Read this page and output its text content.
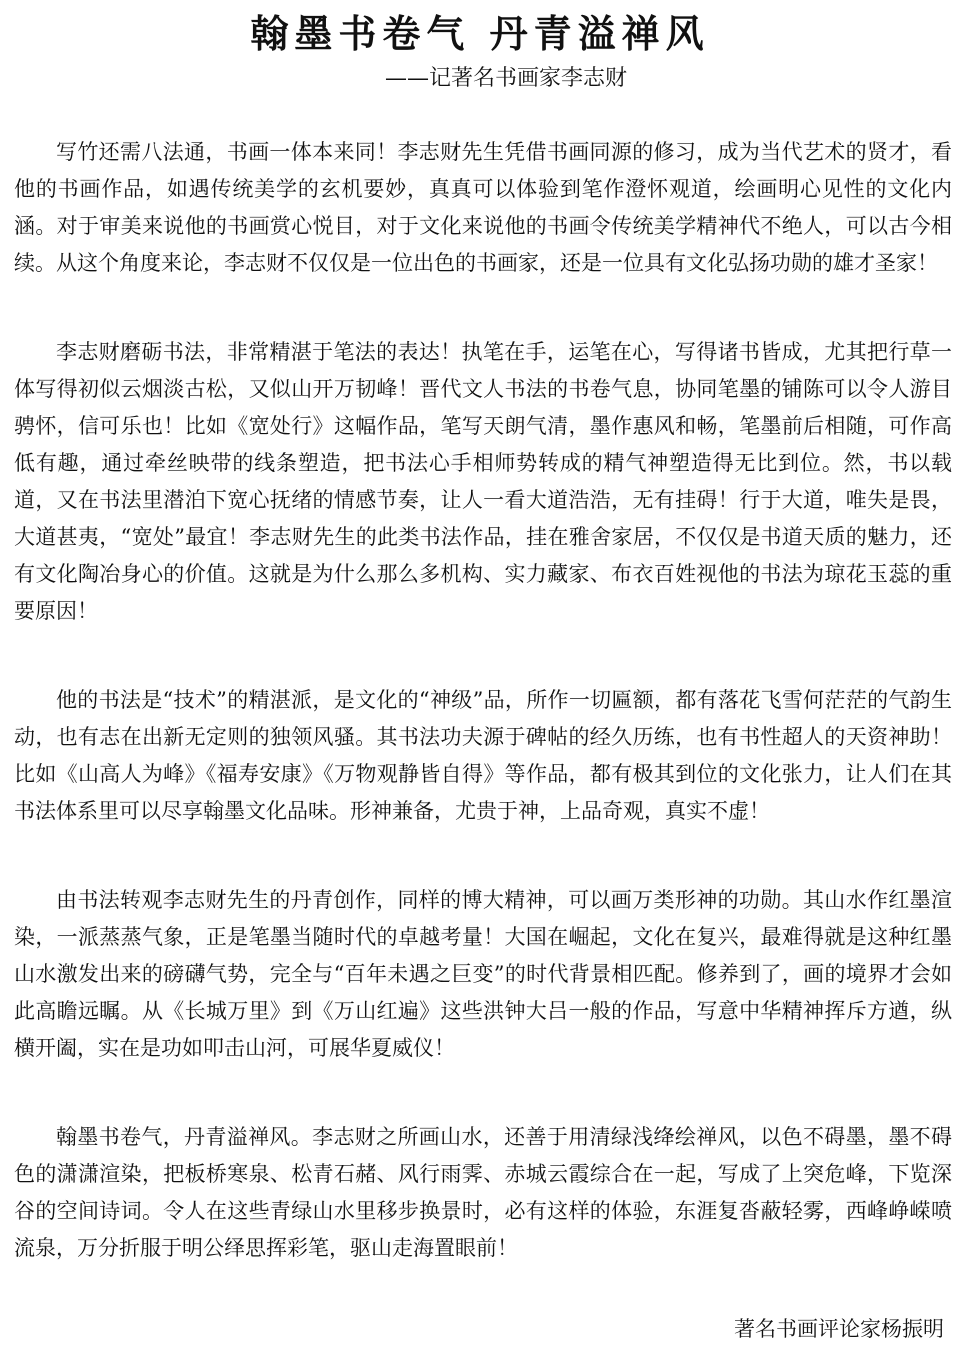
翰墨书卷气 丹青溢禅风

——记著名书画家李志财

写竹还需八法通，书画一体本来同！李志财先生凭借书画同源的修习，成为当代艺术的贤才，看他的书画作品，如遇传统美学的玄机要妙，真真可以体验到笔作澄怀观道，绘画明心见性的文化内涵。对于审美来说他的书画赏心悦目，对于文化来说他的书画令传统美学精神代不绝人，可以古今相续。从这个角度来论，李志财不仅仅是一位出色的书画家，还是一位具有文化弘扬功勋的雄才圣家！

李志财磨砺书法，非常精湛于笔法的表达！执笔在手，运笔在心，写得诸书皆成，尤其把行草一体写得初似云烟淡古松，又似山开万韧峰！晋代文人书法的书卷气息，协同笔墨的铺陈可以令人游目骋怀，信可乐也！比如《宽处行》这幅作品，笔写天朗气清，墨作惠风和畅，笔墨前后相随，可作高低有趣，通过牵丝映带的线条塑造，把书法心手相师势转成的精气神塑造得无比到位。然，书以载道，又在书法里潜泊下宽心抚绪的情感节奏，让人一看大道浩浩，无有挂碍！行于大道，唯失是畏，大道甚夷，“宽处”最宜！李志财先生的此类书法作品，挂在雅舍家居，不仅仅是书道天质的魅力，还有文化陶冶身心的价值。这就是为什么那么多机构、实力藏家、布衣百姓视他的书法为琼花玉蕊的重要原因！

他的书法是“技术”的精湛派，是文化的“神级”品，所作一切匾额，都有落花飞雪何茫茫的气韵生动，也有志在出新无定则的独领风骚。其书法功夫源于碑帖的经久历练，也有书性超人的天资神助！比如《山高人为峰》《福寿安康》《万物观静皆自得》等作品，都有极其到位的文化张力，让人们在其书法体系里可以尽享翰墨文化品味。形神兼备，尤贵于神，上品奇观，真实不虚！

由书法转观李志财先生的丹青创作，同样的博大精神，可以画万类形神的功勋。其山水作红墨渲染，一派蒸蒸气象，正是笔墨当随时代的卓越考量！大国在崛起，文化在复兴，最难得就是这种红墨山水激发出来的磅礴气势，完全与“百年未遇之巨变”的时代背景相匹配。修养到了，画的境界才会如此高瞻远瞩。从《长城万里》到《万山红遍》这些洪钟大吕一般的作品，写意中华精神挥斥方遒，纵横开阖，实在是功如叩击山河，可展华夏威仪！

翰墨书卷气，丹青溢禅风。李志财之所画山水，还善于用清绿浅绛绘禅风，以色不碍墨，墨不碍色的潇潇渲染，把板桥寒泉、松青石赭、风行雨霁、赤城云霞综合在一起，写成了上突危峰，下览深谷的空间诗词。令人在这些青绿山水里移步换景时，必有这样的体验，东涯复沓蔽轻雾，西峰峥嵘喷流泉，万分折服于明公绎思挥彩笔，驱山走海置眼前！

著名书画评论家杨振明
